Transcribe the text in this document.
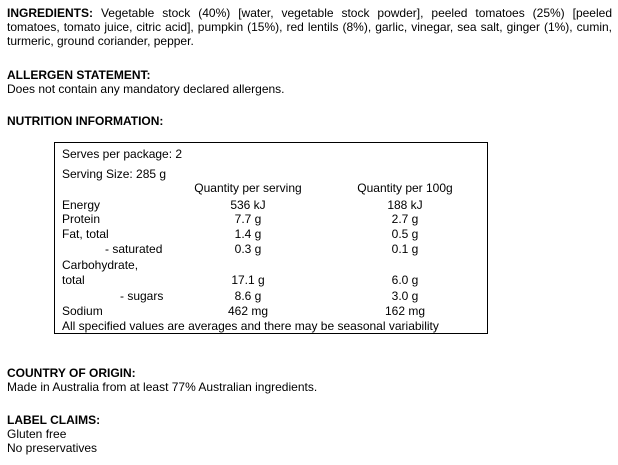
INGREDIENTS: Vegetable stock (40%) [water, vegetable stock powder], peeled tomatoes (25%) [peeled tomatoes, tomato juice, citric acid], pumpkin (15%), red lentils (8%), garlic, vinegar, sea salt, ginger (1%), cumin, turmeric, ground coriander, pepper.

ALLERGEN STATEMENT:
Does not contain any mandatory declared allergens.
NUTRITION INFORMATION:
Serves per package: 2
Serving Size: 285 g
Quantity per serving	Quantity per 100g
Energy	536 kJ	188 kJ
Protein	7.7 g	2.7 g
Fat, total	1.4 g	0.5 g
- saturated	0.3 g	0.1 g
Carbohydrate,
total	17.1 g	6.0 g
- sugars	8.6 g	3.0 g
Sodium	462 mg	162 mg
All specified values are averages and there may be seasonal variability
COUNTRY OF ORIGIN:
Made in Australia from at least 77% Australian ingredients.
LABEL CLAIMS:
Gluten free
No preservatives
